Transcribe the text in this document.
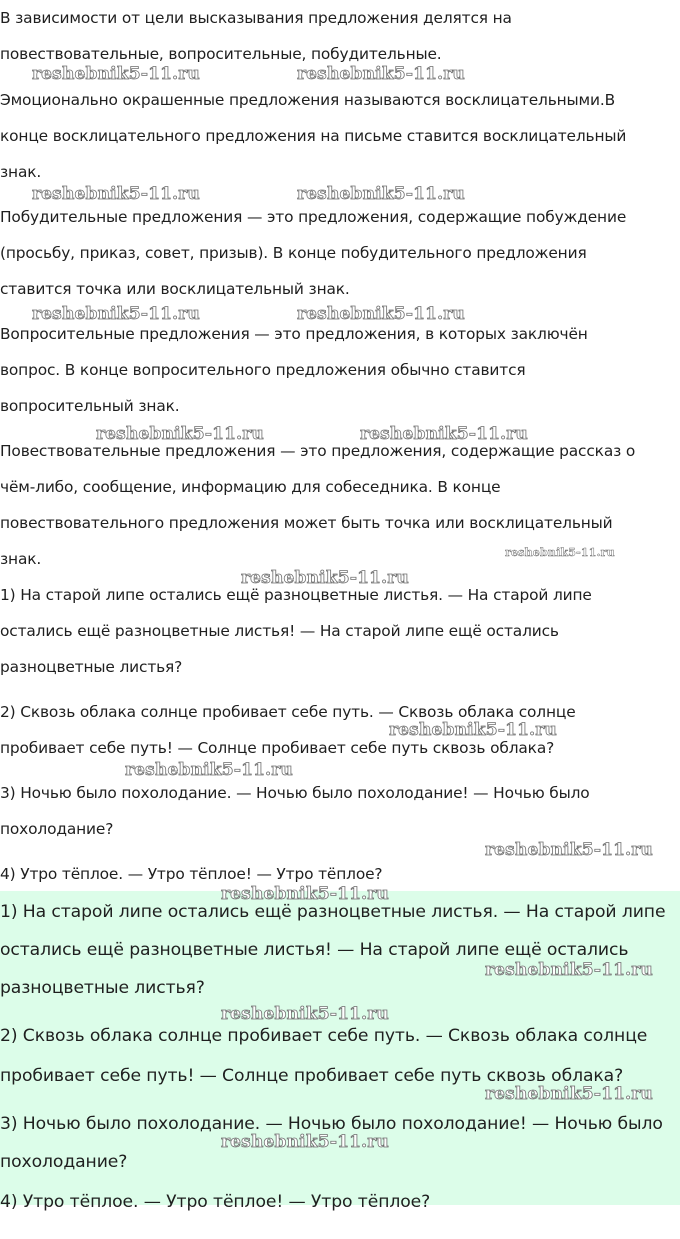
В зависимости от цели высказывания предложения делятся на
повествовательные, вопросительные, побудительные.
Эмоционально окрашенные предложения называются восклицательными.В
конце восклицательного предложения на письме ставится восклицательный
знак.
Побудительные предложения — это предложения, содержащие побуждение
(просьбу, приказ, совет, призыв). В конце побудительного предложения
ставится точка или восклицательный знак.
Вопросительные предложения — это предложения, в которых заключён
вопрос. В конце вопросительного предложения обычно ставится
вопросительный знак.
Повествовательные предложения — это предложения, содержащие рассказ о
чём-либо, сообщение, информацию для собеседника. В конце
повествовательного предложения может быть точка или восклицательный
знак.
1) На старой липе остались ещё разноцветные листья. — На старой липе
остались ещё разноцветные листья! — На старой липе ещё остались
разноцветные листья?
2) Сквозь облака солнце пробивает себе путь. — Сквозь облака солнце
пробивает себе путь! — Солнце пробивает себе путь сквозь облака?
3) Ночью было похолодание. — Ночью было похолодание! — Ночью было
похолодание?
4) Утро тёплое. — Утро тёплое! — Утро тёплое?
1) На старой липе остались ещё разноцветные листья. — На старой липе
остались ещё разноцветные листья! — На старой липе ещё остались
разноцветные листья?
2) Сквозь облака солнце пробивает себе путь. — Сквозь облака солнце
пробивает себе путь! — Солнце пробивает себе путь сквозь облака?
3) Ночью было похолодание. — Ночью было похолодание! — Ночью было
похолодание?
4) Утро тёплое. — Утро тёплое! — Утро тёплое?
reshebnik5-11.ru	reshebnik5-11.ru
reshebnik5-11.ru	reshebnik5-11.ru
reshebnik5-11.ru	reshebnik5-11.ru
reshebnik5-11.ru	reshebnik5-11.ru
reshebnik5-11.ru
reshebnik5-11.ru
reshebnik5-11.ru
reshebnik5-11.ru
reshebnik5-11.ru
reshebnik5-11.ru
reshebnik5-11.ru
reshebnik5-11.ru
reshebnik5-11.ru
reshebnik5-11.ru
